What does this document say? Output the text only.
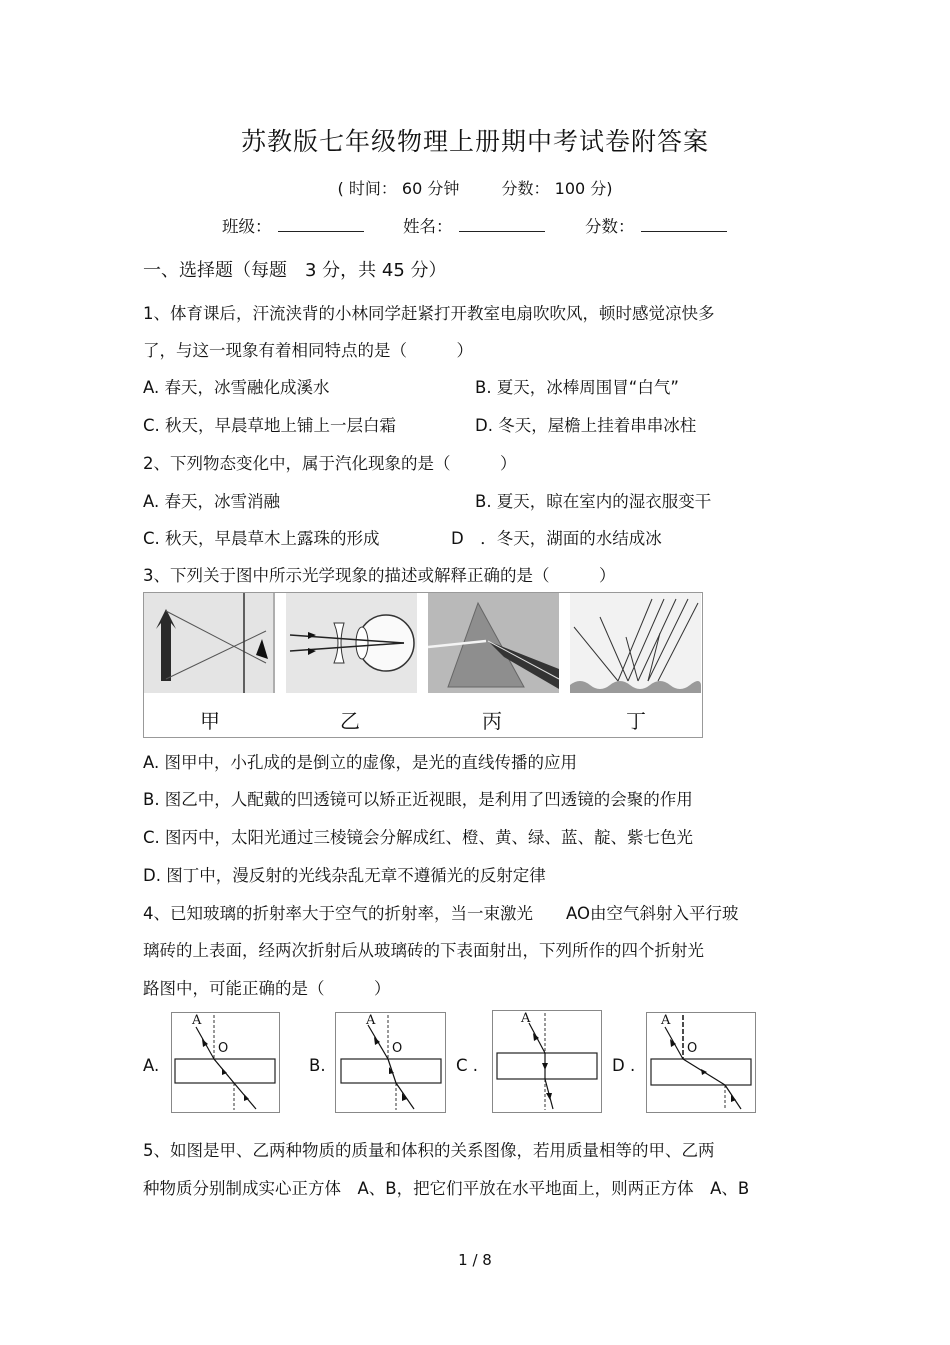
苏教版七年级物理上册期中考试卷附答案
( 时间： 60 分钟	分数： 100 分)
班级：	姓名：	分数：
一、选择题（每题　3 分，共 45 分）
1、体育课后，汗流浃背的小林同学赶紧打开教室电扇吹吹风，顿时感觉凉快多
了，与这一现象有着相同特点的是（　　　）
A. 春天，冰雪融化成溪水	B. 夏天，冰棒周围冒“白气”
C. 秋天，早晨草地上铺上一层白霜	D. 冬天，屋檐上挂着串串冰柱
2、下列物态变化中，属于汽化现象的是（　　　）
A. 春天，冰雪消融	B. 夏天，晾在室内的湿衣服变干
C. 秋天，早晨草木上露珠的形成	D　．冬天，湖面的水结成冰
3、下列关于图中所示光学现象的描述或解释正确的是（　　　）
甲	乙	丙	丁
A. 图甲中，小孔成的是倒立的虚像，是光的直线传播的应用
B. 图乙中，人配戴的凹透镜可以矫正近视眼，是利用了凹透镜的会聚的作用
C. 图丙中，太阳光通过三棱镜会分解成红、橙、黄、绿、蓝、靛、紫七色光
D. 图丁中，漫反射的光线杂乱无章不遵循光的反射定律
4、已知玻璃的折射率大于空气的折射率，当一束激光　　AO由空气斜射入平行玻
璃砖的上表面，经两次折射后从玻璃砖的下表面射出，下列所作的四个折射光
路图中，可能正确的是（　　　）
A.	B.	C .	D .
A
O
A
O
A	A
O
5、如图是甲、乙两种物质的质量和体积的关系图像，若用质量相等的甲、乙两
种物质分别制成实心正方体　A、B，把它们平放在水平地面上，则两正方体　A、B
1 / 8
